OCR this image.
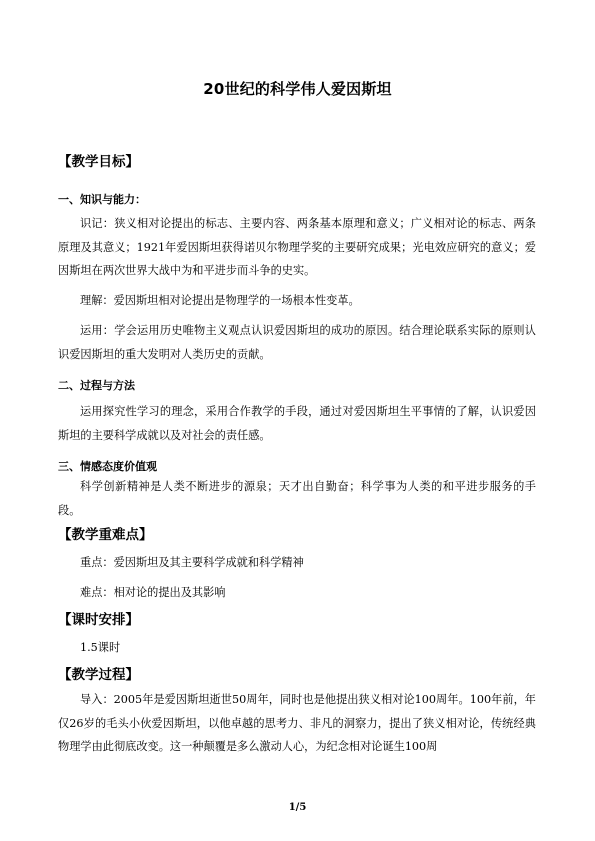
20世纪的科学伟人爱因斯坦
【教学目标】
一、知识与能力：
识记：狭义相对论提出的标志、主要内容、两条基本原理和意义；广义相对论的标志、两条原理及其意义；1921年爱因斯坦获得诺贝尔物理学奖的主要研究成果；光电效应研究的意义；爱因斯坦在两次世界大战中为和平进步而斗争的史实。
理解：爱因斯坦相对论提出是物理学的一场根本性变革。
运用：学会运用历史唯物主义观点认识爱因斯坦的成功的原因。结合理论联系实际的原则认识爱因斯坦的重大发明对人类历史的贡献。
二、过程与方法
运用探究性学习的理念，采用合作教学的手段，通过对爱因斯坦生平事情的了解，认识爱因斯坦的主要科学成就以及对社会的责任感。
三、情感态度价值观
科学创新精神是人类不断进步的源泉；天才出自勤奋；科学事为人类的和平进步服务的手段。
【教学重难点】
重点：爱因斯坦及其主要科学成就和科学精神
难点：相对论的提出及其影响
【课时安排】
1.5课时
【教学过程】
导入：2005年是爱因斯坦逝世50周年，同时也是他提出狭义相对论100周年。100年前，年仅26岁的毛头小伙爱因斯坦，以他卓越的思考力、非凡的洞察力，提出了狭义相对论，传统经典物理学由此彻底改变。这一种颠覆是多么激动人心，为纪念相对论诞生100周
1/5
